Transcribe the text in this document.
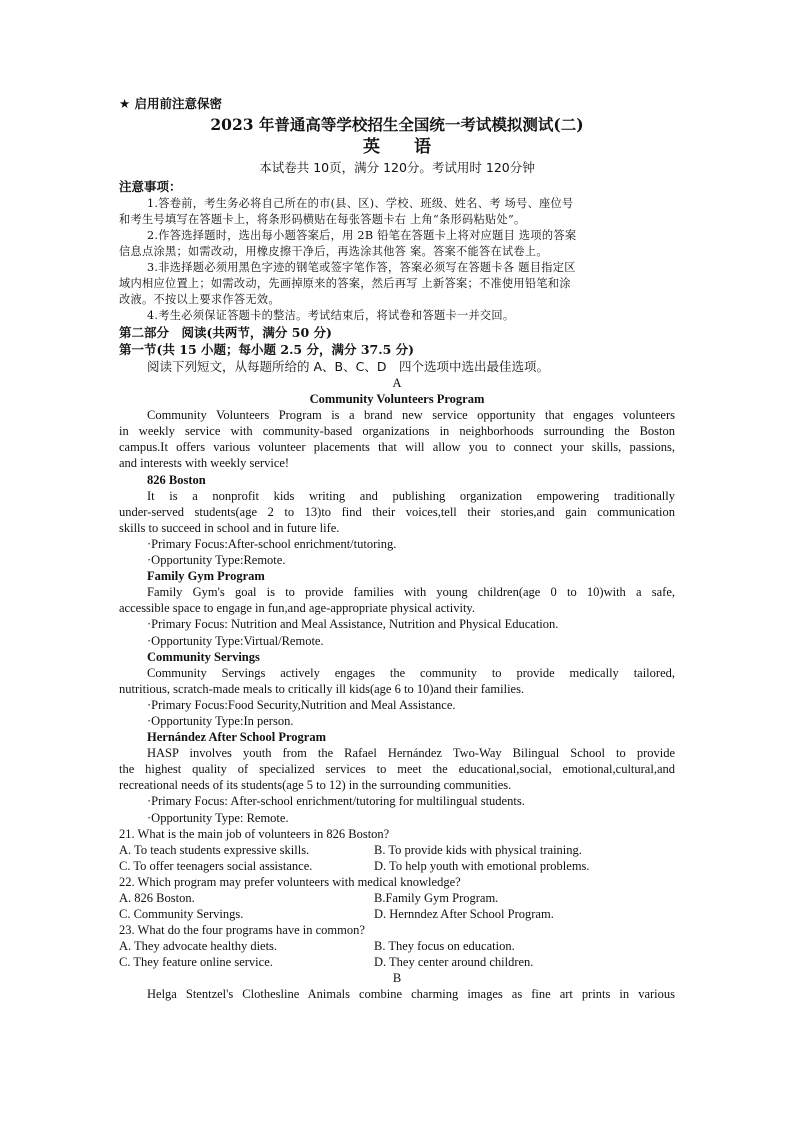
★ 启用前注意保密
2023 年普通高等学校招生全国统一考试模拟测试(二)
英 语
本试卷共 10页，满分 120分。考试用时 120分钟
注意事项：
1.答卷前，考生务必将自己所在的市(县、区)、学校、班级、姓名、考 场号、座位号
和考生号填写在答题卡上，将条形码横贴在每张答题卡右 上角“条形码粘贴处”。
2.作答选择题时，选出每小题答案后，用 2B 铅笔在答题卡上将对应题目 选项的答案
信息点涂黑；如需改动，用橡皮擦干净后，再选涂其他答 案。答案不能答在试卷上。
3.非选择题必须用黑色字迹的钢笔或签字笔作答，答案必须写在答题卡各 题目指定区
域内相应位置上；如需改动，先画掉原来的答案，然后再写 上新答案；不准使用铅笔和涂
改液。不按以上要求作答无效。
4.考生必须保证答题卡的整洁。考试结束后，将试卷和答题卡一并交回。
第二部分　阅读(共两节，满分 50 分)
第一节(共 15 小题；每小题 2.5 分，满分 37.5 分)
阅读下列短文，从每题所给的 A、B、C、D　四个选项中选出最佳选项。
A
Community Volunteers Program
Community Volunteers Program is a brand new service opportunity that engages volunteers
in weekly service with community-based organizations in neighborhoods surrounding the Boston
campus.It offers various volunteer placements that will allow you to connect your skills, passions,
and interests with weekly service!
826 Boston
It is a nonprofit kids writing and publishing organization empowering traditionally
under-served students(age 2 to 13)to find their voices,tell their stories,and gain communication
skills to succeed in school and in future life.
·Primary Focus:After-school enrichment/tutoring.
·Opportunity Type:Remote.
Family Gym Program
Family Gym's goal is to provide families with young children(age 0 to 10)with a safe,
accessible space to engage in fun,and age-appropriate physical activity.
·Primary Focus: Nutrition and Meal Assistance, Nutrition and Physical Education.
·Opportunity Type:Virtual/Remote.
Community Servings
Community Servings actively engages the community to provide medically tailored,
nutritious, scratch-made meals to critically ill kids(age 6 to 10)and their families.
·Primary Focus:Food Security,Nutrition and Meal Assistance.
·Opportunity Type:In person.
Hernández After School Program
HASP involves youth from the Rafael Hernández Two-Way Bilingual School to provide
the highest quality of specialized services to meet the educational,social, emotional,cultural,and
recreational needs of its students(age 5 to 12) in the surrounding communities.
·Primary Focus: After-school enrichment/tutoring for multilingual students.
·Opportunity Type: Remote.
21. What is the main job of volunteers in 826 Boston?
A. To teach students expressive skills.	B. To provide kids with physical training.
C. To offer teenagers social assistance.	D. To help youth with emotional problems.
22. Which program may prefer volunteers with medical knowledge?
A. 826 Boston.	B.Family Gym Program.
C. Community Servings.	D. Hernndez After School Program.
23. What do the four programs have in common?
A. They advocate healthy diets.	B. They focus on education.
C. They feature online service.	D. They center around children.
B
Helga Stentzel's Clothesline Animals combine charming images as fine art prints in various
